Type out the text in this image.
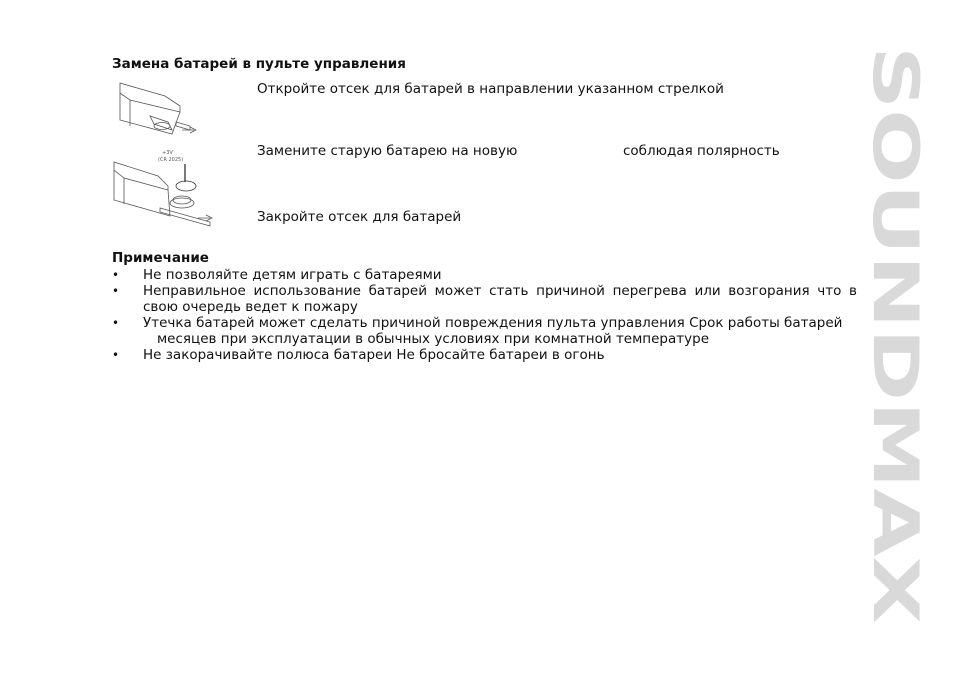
Замена батарей в пульте управления
+3V
(CR 2025)
Откройте отсек для батарей в направлении указанном стрелкой
Замените старую батарею на новую	соблюдая полярность
Закройте отсек для батарей
Примечание
•	Не позволяйте детям играть с батареями
•	Неправильное использование батарей может стать причиной перегрева или возгорания что в
свою очередь ведет к пожару
•	Утечка батарей может сделать причиной повреждения пульта управления Срок работы батарей
месяцев при эксплуатации в обычных условиях при комнатной температуре
•	Не закорачивайте полюса батареи Не бросайте батареи в огонь	SOUNDMAX
